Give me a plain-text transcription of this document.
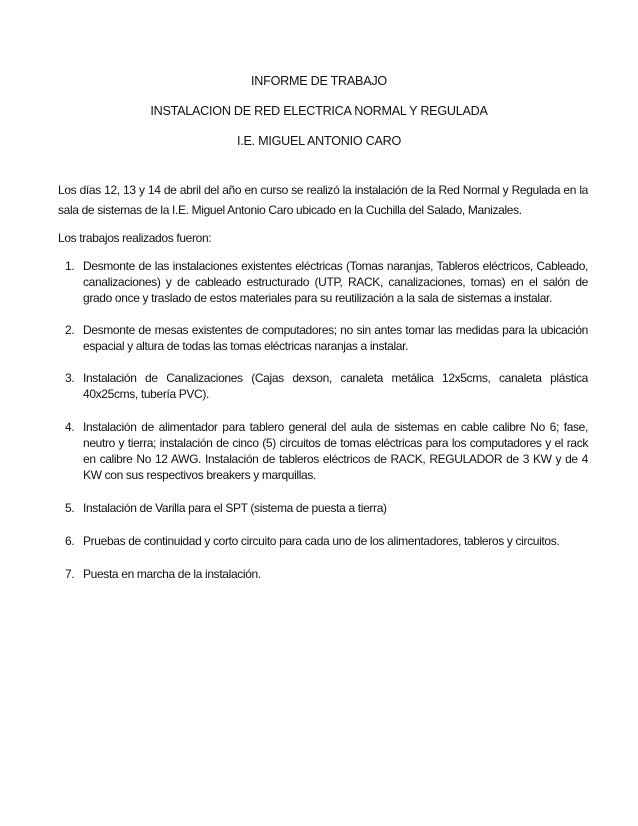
INFORME DE TRABAJO
INSTALACION DE RED ELECTRICA NORMAL Y REGULADA
I.E. MIGUEL ANTONIO CARO
Los días 12, 13 y 14 de abril del año en curso se realizó la instalación de la Red Normal y Regulada en la sala de sistemas de la I.E. Miguel Antonio Caro ubicado en la Cuchilla del Salado, Manizales.
Los trabajos realizados fueron:
1. Desmonte de las instalaciones existentes eléctricas (Tomas naranjas, Tableros eléctricos, Cableado, canalizaciones) y de cableado estructurado (UTP, RACK, canalizaciones, tomas) en el salón de grado once y traslado de estos materiales para su reutilización a la sala de sistemas a instalar.
2. Desmonte de mesas existentes de computadores; no sin antes tomar las medidas para la ubicación espacial y altura de todas las tomas eléctricas naranjas a instalar.
3. Instalación de Canalizaciones (Cajas dexson, canaleta metálica 12x5cms, canaleta plástica 40x25cms, tubería PVC).
4. Instalación de alimentador para tablero general del aula de sistemas en cable calibre No 6; fase, neutro y tierra; instalación de cinco (5) circuitos de tomas eléctricas para los computadores y el rack en calibre No 12 AWG. Instalación de tableros eléctricos de RACK, REGULADOR de 3 KW y de 4 KW con sus respectivos breakers y marquillas.
5. Instalación de Varilla para el SPT (sistema de puesta a tierra)
6. Pruebas de continuidad y corto circuito para cada uno de los alimentadores, tableros y circuitos.
7. Puesta en marcha de la instalación.
